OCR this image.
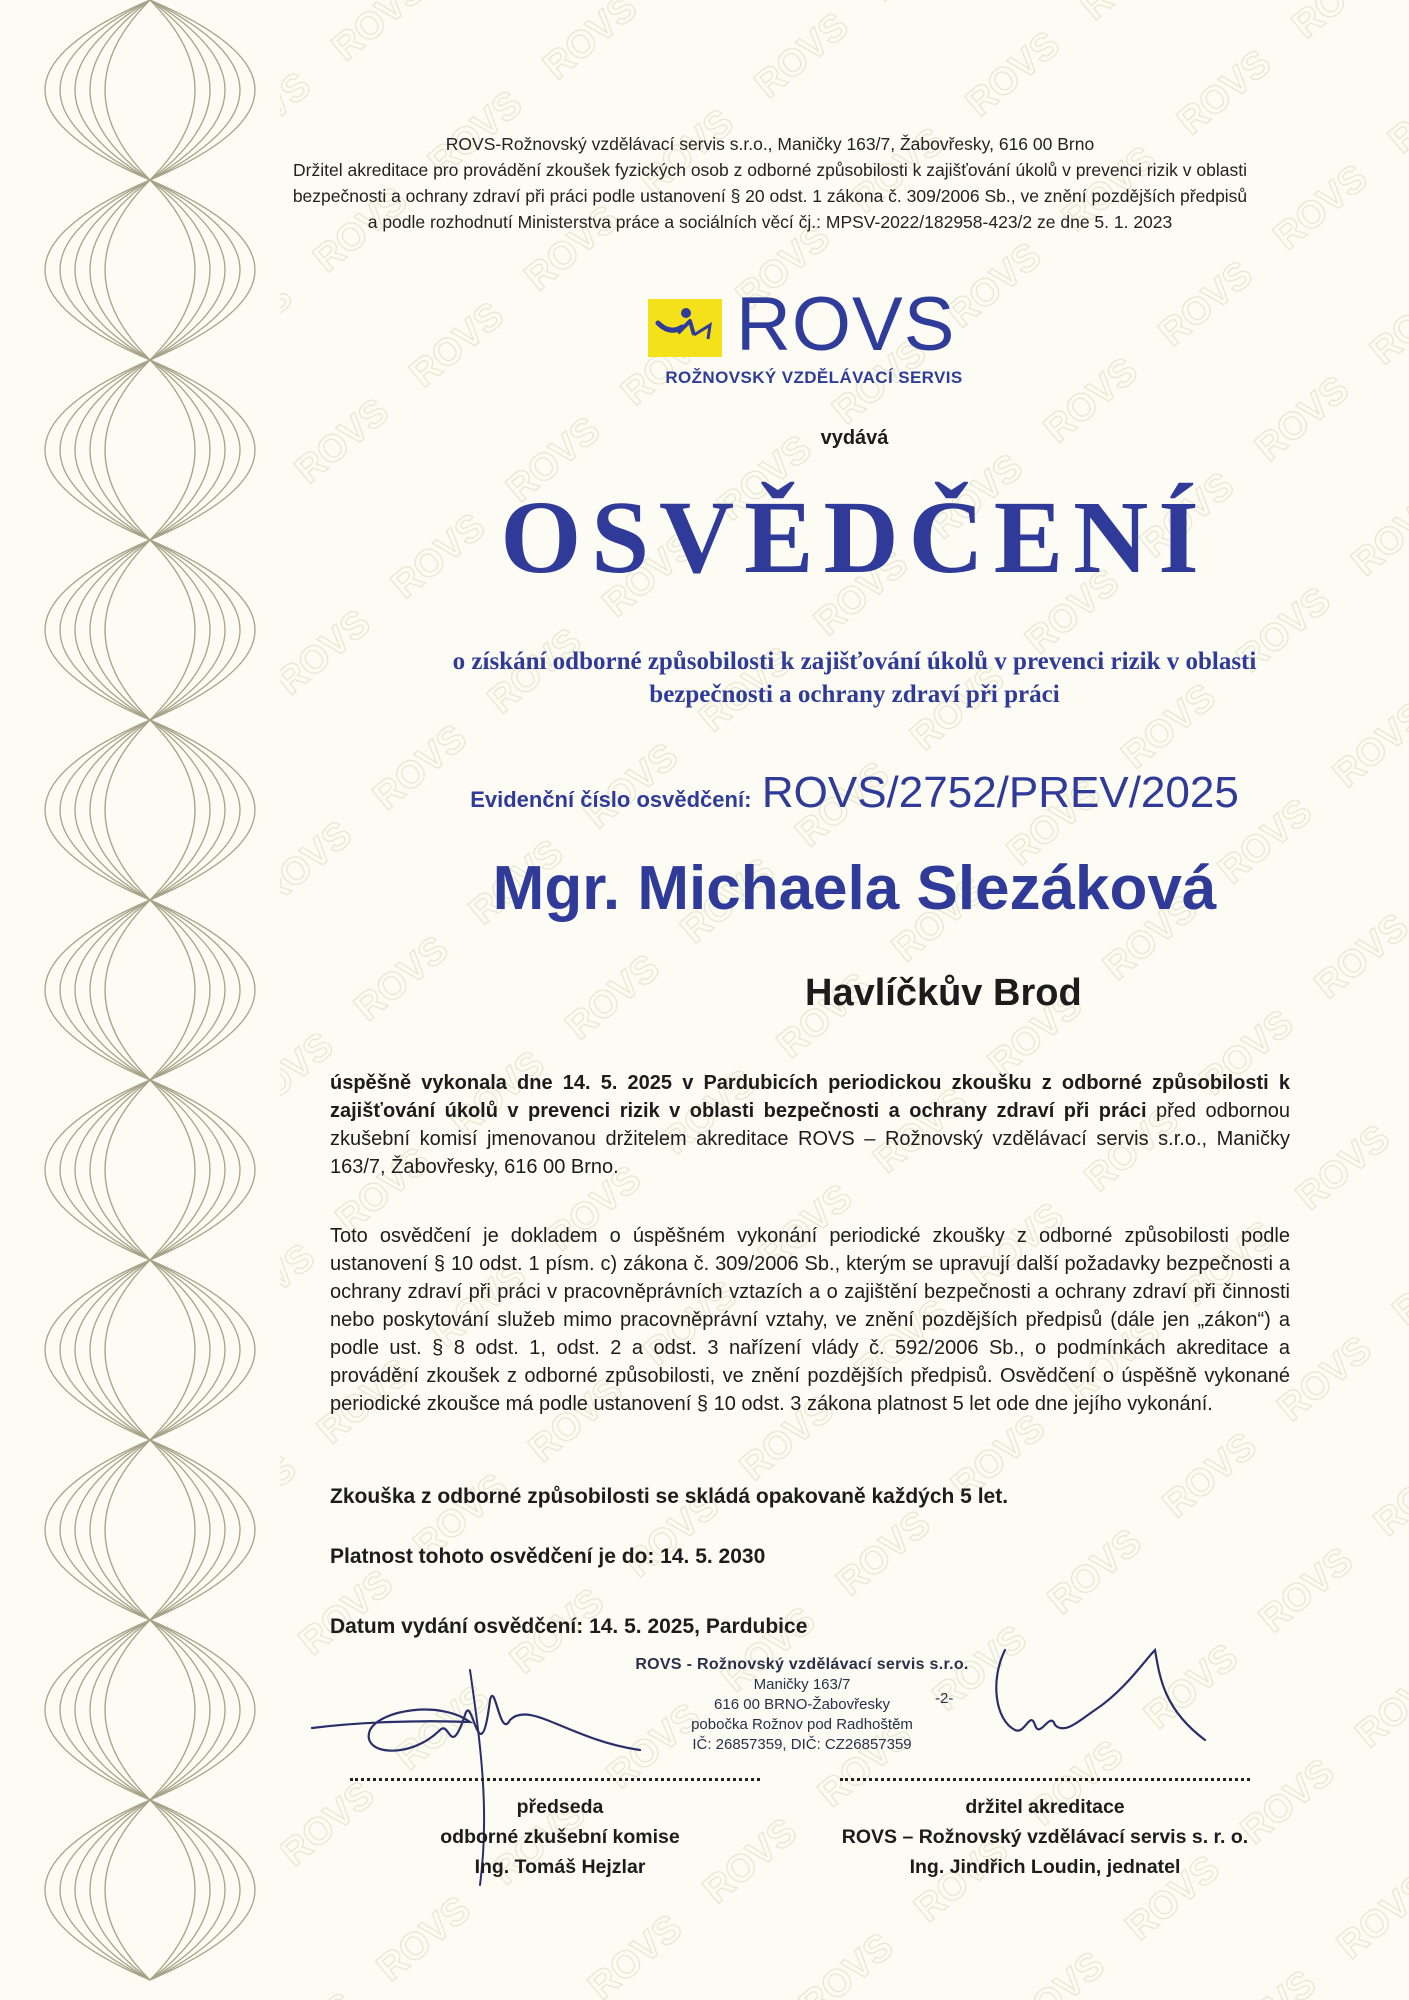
ROVS-Rožnovský vzdělávací servis s.r.o., Maničky 163/7, Žabovřesky, 616 00 Brno
Držitel akreditace pro provádění zkoušek fyzických osob z odborné způsobilosti k zajišťování úkolů v prevenci rizik v oblasti
bezpečnosti a ochrany zdraví při práci podle ustanovení § 20 odst. 1 zákona č. 309/2006 Sb., ve znění pozdějších předpisů
a podle rozhodnutí Ministerstva práce a sociálních věcí čj.: MPSV-2022/182958-423/2 ze dne 5. 1. 2023
ROVS
ROŽNOVSKÝ VZDĚLÁVACÍ SERVIS
vydává
OSVĚDČENÍ
o získání odborné způsobilosti k zajišťování úkolů v prevenci rizik v oblasti
bezpečnosti a ochrany zdraví při práci
Evidenční číslo osvědčení: ROVS/2752/PREV/2025
Mgr. Michaela Slezáková
Havlíčkův Brod
úspěšně vykonala dne 14. 5. 2025 v Pardubicích periodickou zkoušku z odborné způsobilosti k zajišťování úkolů v prevenci rizik v oblasti bezpečnosti a ochrany zdraví při práci před odbornou zkušební komisí jmenovanou držitelem akreditace ROVS – Rožnovský vzdělávací servis s.r.o., Maničky 163/7, Žabovřesky, 616 00 Brno.
Toto osvědčení je dokladem o úspěšném vykonání periodické zkoušky z odborné způsobilosti podle ustanovení § 10 odst. 1 písm. c) zákona č. 309/2006 Sb., kterým se upravují další požadavky bezpečnosti a ochrany zdraví při práci v pracovněprávních vztazích a o zajištění bezpečnosti a ochrany zdraví při činnosti nebo poskytování služeb mimo pracovněprávní vztahy, ve znění pozdějších předpisů (dále jen „zákon“) a podle ust. § 8 odst. 1, odst. 2 a odst. 3 nařízení vlády č. 592/2006 Sb., o podmínkách akreditace a provádění zkoušek z odborné způsobilosti, ve znění pozdějších předpisů. Osvědčení o úspěšně vykonané periodické zkoušce má podle ustanovení § 10 odst. 3 zákona platnost 5 let ode dne jejího vykonání.
Zkouška z odborné způsobilosti se skládá opakovaně každých 5 let.
Platnost tohoto osvědčení je do: 14. 5. 2030
Datum vydání osvědčení: 14. 5. 2025, Pardubice
ROVS - Rožnovský vzdělávací servis s.r.o.
Maničky 163/7
616 00 BRNO-Žabovřesky
pobočka Rožnov pod Radhoštěm
IČ: 26857359, DIČ: CZ26857359
-2-
předseda
odborné zkušební komise
Ing. Tomáš Hejzlar
držitel akreditace
ROVS – Rožnovský vzdělávací servis s. r. o.
Ing. Jindřich Loudin, jednatel
